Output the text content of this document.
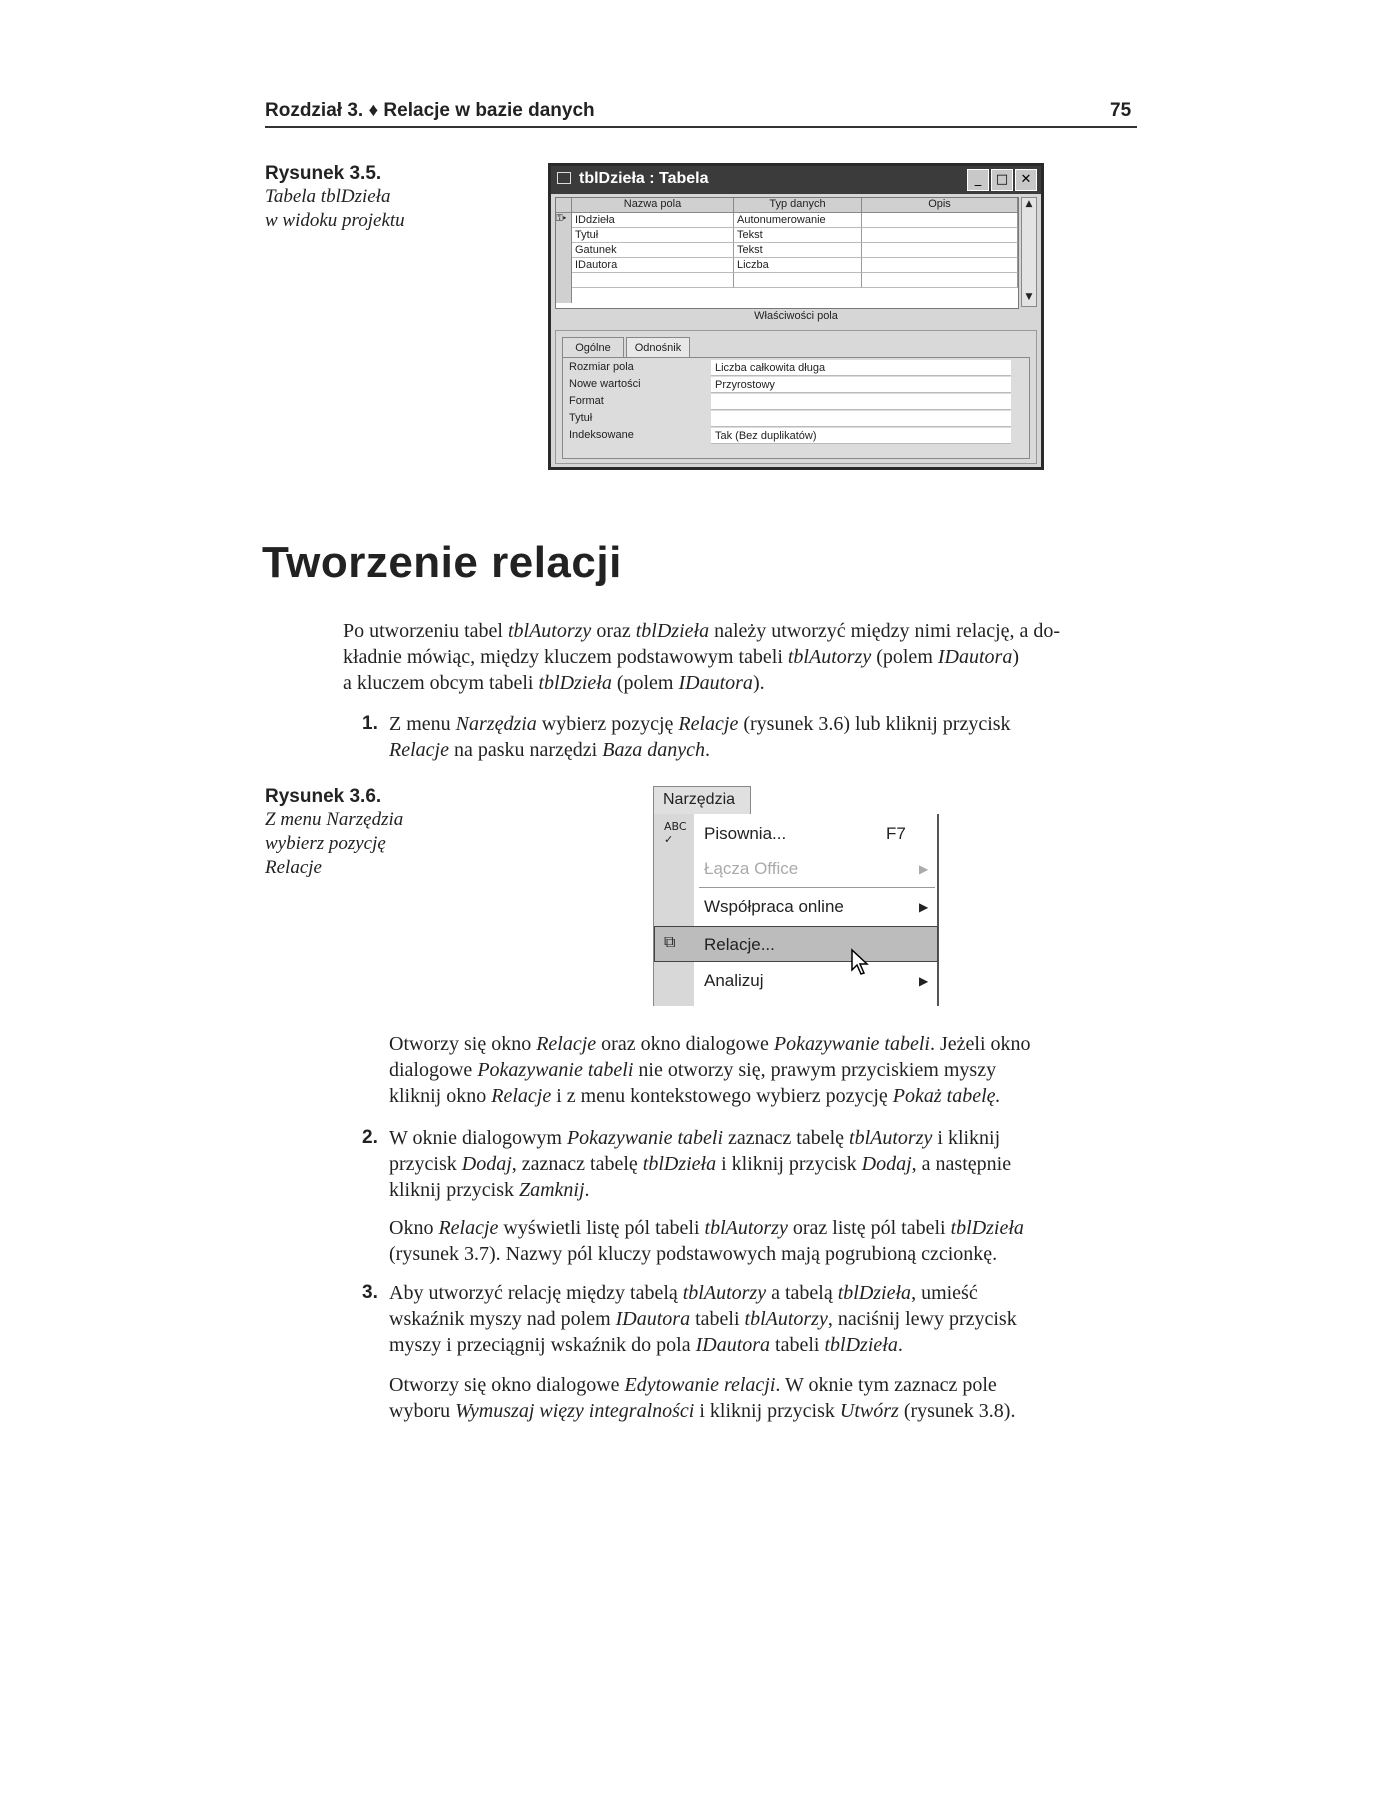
Rozdział 3. ♦ Relacje w bazie danych	75
Rysunek 3.5.
Tabela tblDzieła
w widoku projektu
tblDzieła : Tabela	_	□ ✕
Nazwa pola	Typ danych	Opis
⚿▸ IDdzieła	Autonumerowanie
Tytuł	Tekst
Gatunek	Tekst
IDautora	Liczba
▲
▼
Właściwości pola
Ogólne	Odnośnik
Rozmiar pola	Liczba całkowita długa
Nowe wartości	Przyrostowy
Format
Tytuł
Indeksowane	Tak (Bez duplikatów)
Tworzenie relacji
Po utworzeniu tabel tblAutorzy oraz tblDzieła należy utworzyć między nimi relację, a do-
kładnie mówiąc, między kluczem podstawowym tabeli tblAutorzy (polem IDautora)
a kluczem obcym tabeli tblDzieła (polem IDautora).
1. Z menu Narzędzia wybierz pozycję Relacje (rysunek 3.6) lub kliknij przycisk
Relacje na pasku narzędzi Baza danych.
Rysunek 3.6.
Z menu Narzędzia
wybierz pozycję
Relacje
Narzędzia
ABC
✓	Pisownia...	F7
Łącza Office	▶
Współpraca online	▶
⧉ Relacje...
Analizuj	▶
Otworzy się okno Relacje oraz okno dialogowe Pokazywanie tabeli. Jeżeli okno
dialogowe Pokazywanie tabeli nie otworzy się, prawym przyciskiem myszy
kliknij okno Relacje i z menu kontekstowego wybierz pozycję Pokaż tabelę.
2. W oknie dialogowym Pokazywanie tabeli zaznacz tabelę tblAutorzy i kliknij
przycisk Dodaj, zaznacz tabelę tblDzieła i kliknij przycisk Dodaj, a następnie
kliknij przycisk Zamknij.
Okno Relacje wyświetli listę pól tabeli tblAutorzy oraz listę pól tabeli tblDzieła
(rysunek 3.7). Nazwy pól kluczy podstawowych mają pogrubioną czcionkę.
3. Aby utworzyć relację między tabelą tblAutorzy a tabelą tblDzieła, umieść
wskaźnik myszy nad polem IDautora tabeli tblAutorzy, naciśnij lewy przycisk
myszy i przeciągnij wskaźnik do pola IDautora tabeli tblDzieła.
Otworzy się okno dialogowe Edytowanie relacji. W oknie tym zaznacz pole
wyboru Wymuszaj więzy integralności i kliknij przycisk Utwórz (rysunek 3.8).
